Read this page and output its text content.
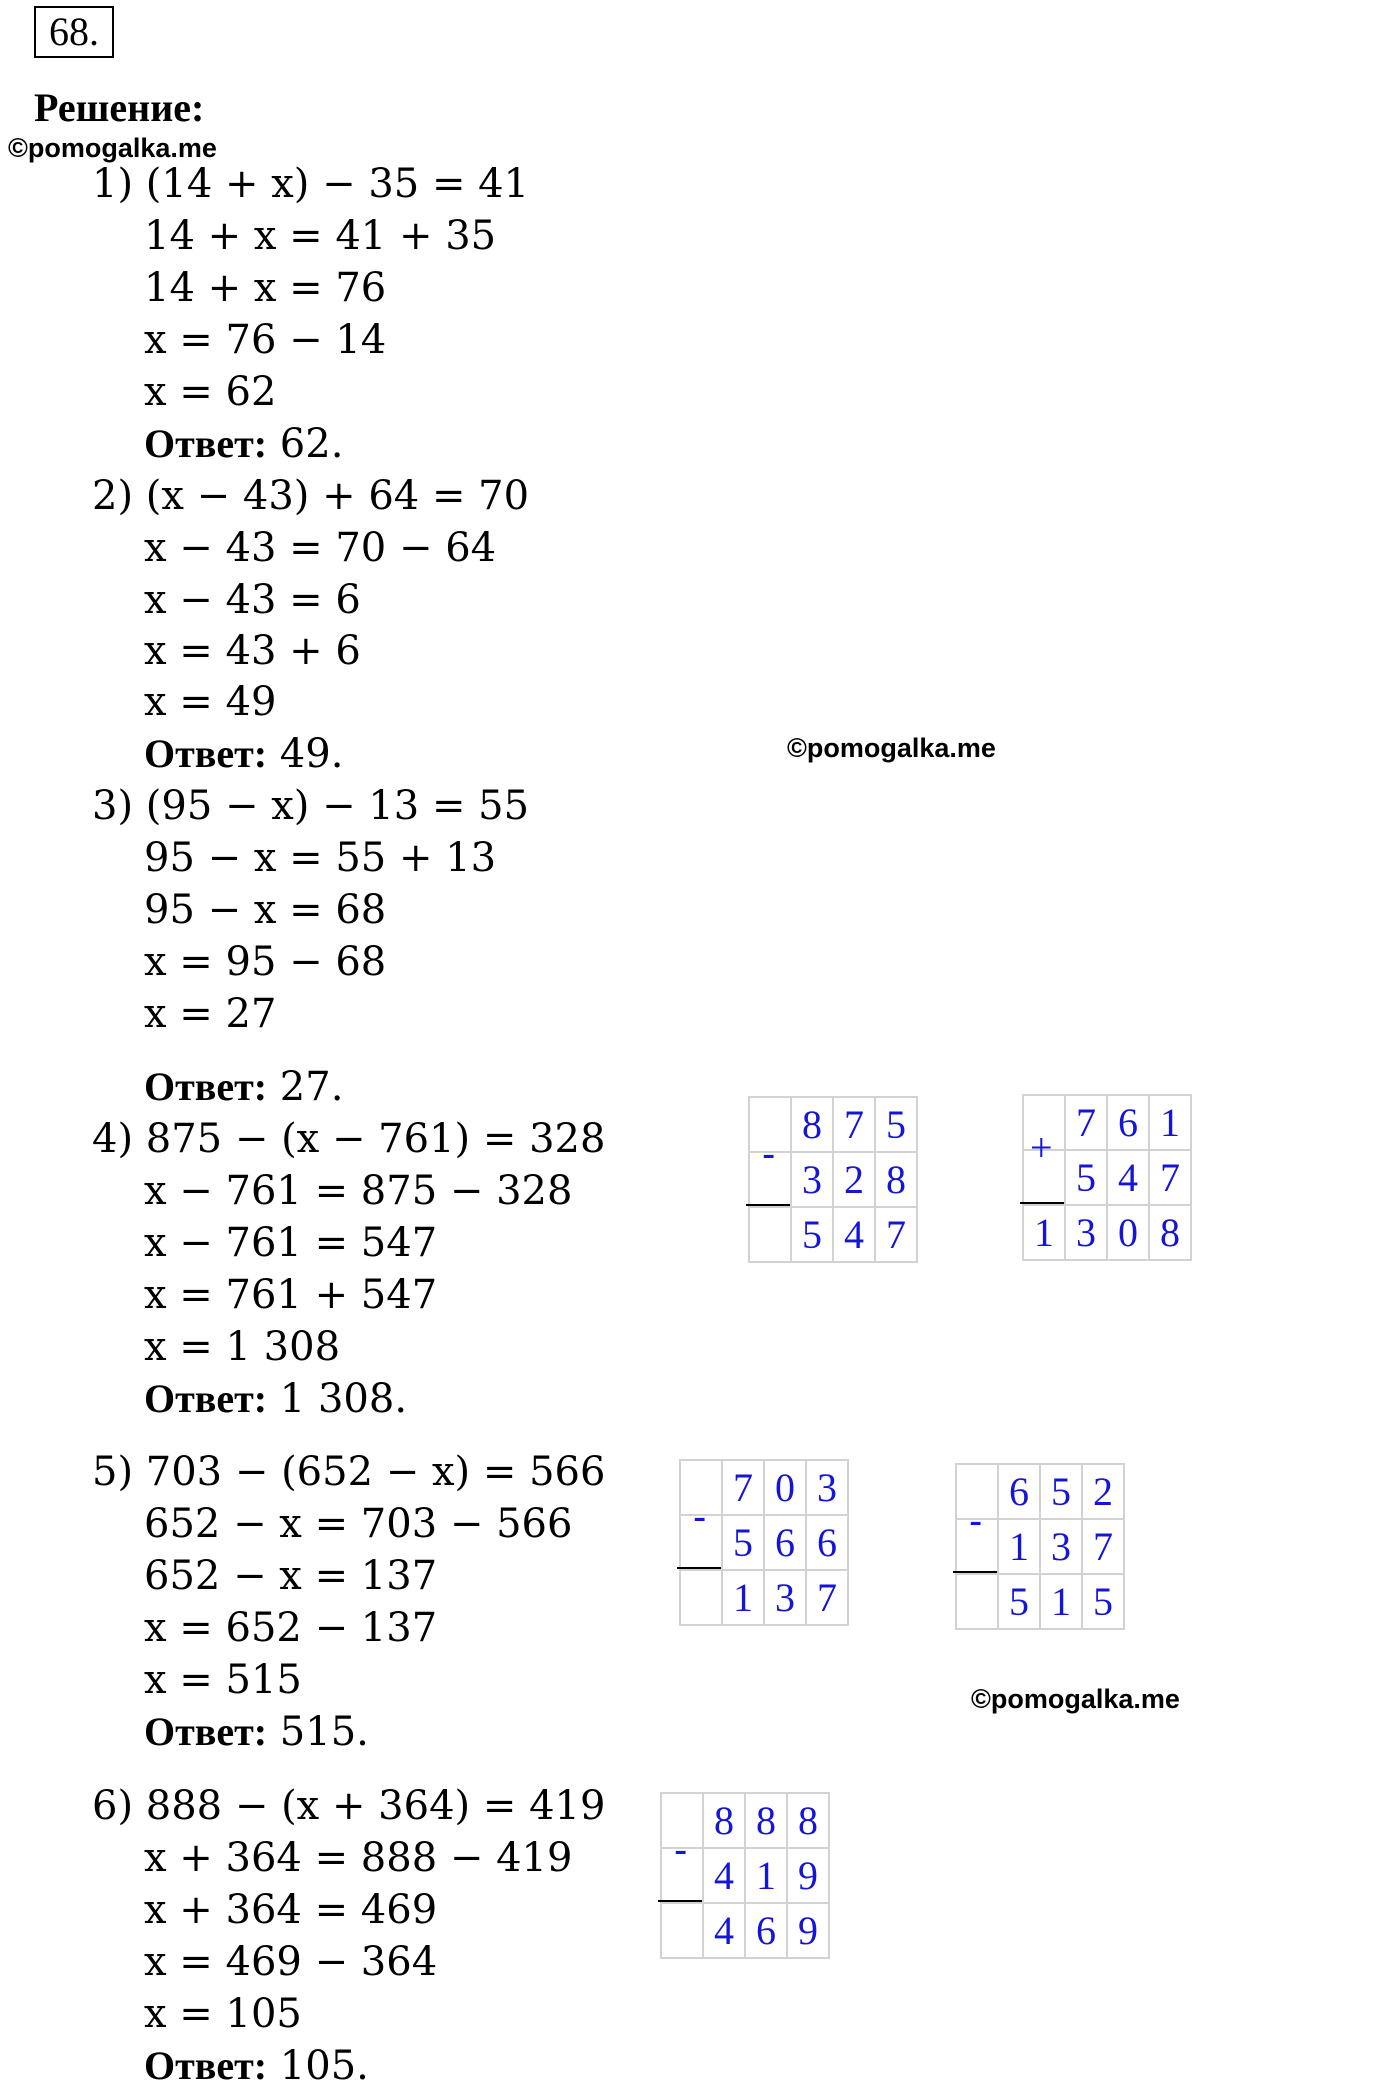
68.
Решение:
©pomogalka.me
©pomogalka.me
©pomogalka.me
1) (14 + x) − 35 = 41
14 + x = 41 + 35
14 + x = 76
x = 76 − 14
x = 62
Ответ: 62.
2) (x − 43) + 64 = 70
x − 43 = 70 − 64
x − 43 = 6
x = 43 + 6
x = 49
Ответ: 49.
3) (95 − x) − 13 = 55
95 − x = 55 + 13
95 − x = 68
x = 95 − 68
x = 27
Ответ: 27.
4) 875 − (x − 761) = 328
x − 761 = 875 − 328
x − 761 = 547
x = 761 + 547
x = 1 308
Ответ: 1 308.
5) 703 − (652 − x) = 566
652 − x = 703 − 566
652 − x = 137
x = 652 − 137
x = 515
Ответ: 515.
6) 888 − (x + 364) = 419
x + 364 = 888 − 419
x + 364 = 469
x = 469 − 364
x = 105
Ответ: 105.
	8	7	5
	3	2	8
	5	4	7
-
	7	6	1
	5	4	7
1	3	0	8
+
	7	0	3
	5	6	6
	1	3	7
-
	6	5	2
	1	3	7
	5	1	5
-
	8	8	8
	4	1	9
	4	6	9
-
